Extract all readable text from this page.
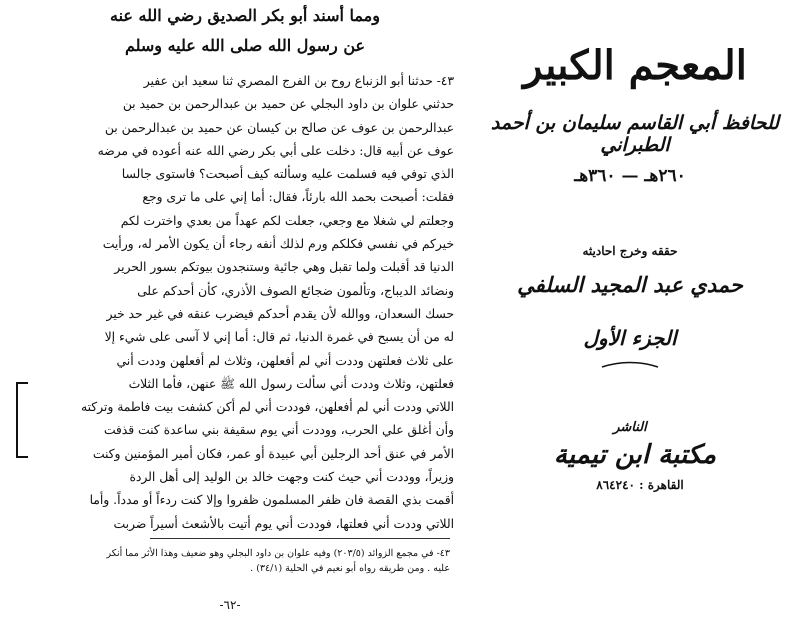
ومما أسند أبو بكر الصديق رضي الله عنه
عن رسول الله صلى الله عليه وسلم
٤٣- حدثنا أبو الزنباع روح بن الفرج المصري ثنا سعيد ابن عفير
حدثني علوان بن داود البجلي عن حميد بن عبدالرحمن بن حميد بن
عبدالرحمن بن عوف عن صالح بن كيسان عن حميد بن عبدالرحمن بن
عوف عن أبيه قال: دخلت على أبي بكر رضي الله عنه أعوده في مرضه
الذي توفي فيه فسلمت عليه وسألته كيف أصبحت؟ فاستوى جالسا
فقلت: أصبحت بحمد الله بارئاً، فقال: أما إني على ما ترى وجع
وجعلتم لي شغلا مع وجعي، جعلت لكم عهداً من بعدي واخترت لكم
خيركم في نفسي فكلكم ورم لذلك أنفه رجاء أن يكون الأمر له، ورأيت
الدنيا قد أقبلت ولما تقبل وهي جائية وستنجدون بيوتكم بسور الحرير
ونضائد الديباج، وتألمون ضجائع الصوف الأذري، كأن أحدكم على
حسك السعدان، ووالله لأن يقدم أحدكم فيضرب عنقه في غير حد خير
له من أن يسبح في غمرة الدنيا، ثم قال: أما إني لا آسى على شيء إلا
على ثلاث فعلتهن وددت أني لم أفعلهن، وثلاث لم أفعلهن وددت أني
فعلتهن، وثلاث وددت أني سألت رسول الله ﷺ عنهن، فأما الثلاث
اللاتي وددت أني لم أفعلهن، فوددت أني لم أكن كشفت بيت فاطمة وتركته
وأن أغلق علي الحرب، ووددت أني يوم سقيفة بني ساعدة كنت قذفت
الأمر في عنق أحد الرجلين أبي عبيدة أو عمر، فكان أمير المؤمنين وكنت
وزيراً، ووددت أني حيث كنت وجهت خالد بن الوليد إلى أهل الردة
أقمت بذي القصة فان ظفر المسلمون ظفروا وإلا كنت ردءاً أو مدداً. وأما
اللاتي وددت أني فعلتها، فوددت أني يوم أتيت بالأشعث أسيراً ضربت
٤٣- في مجمع الزوائد (٢٠٣/٥) وفيه علوان بن داود البجلي وهو ضعيف وهذا الأثر مما أنكر
عليه . ومن طريقه رواه أبو نعيم في الحلية (٣٤/١) .
-٦٢-
المعجم الكبير
للحافظ أبي القاسم سليمان بن أحمد الطبراني
٢٦٠هـ — ٣٦٠هـ
حققه وخرج احاديثه
حمدي عبد المجيد السلفي
الجزء الأول
الناشر
مكتبة ابن تيمية
القاهرة : ٨٦٤٢٤٠
